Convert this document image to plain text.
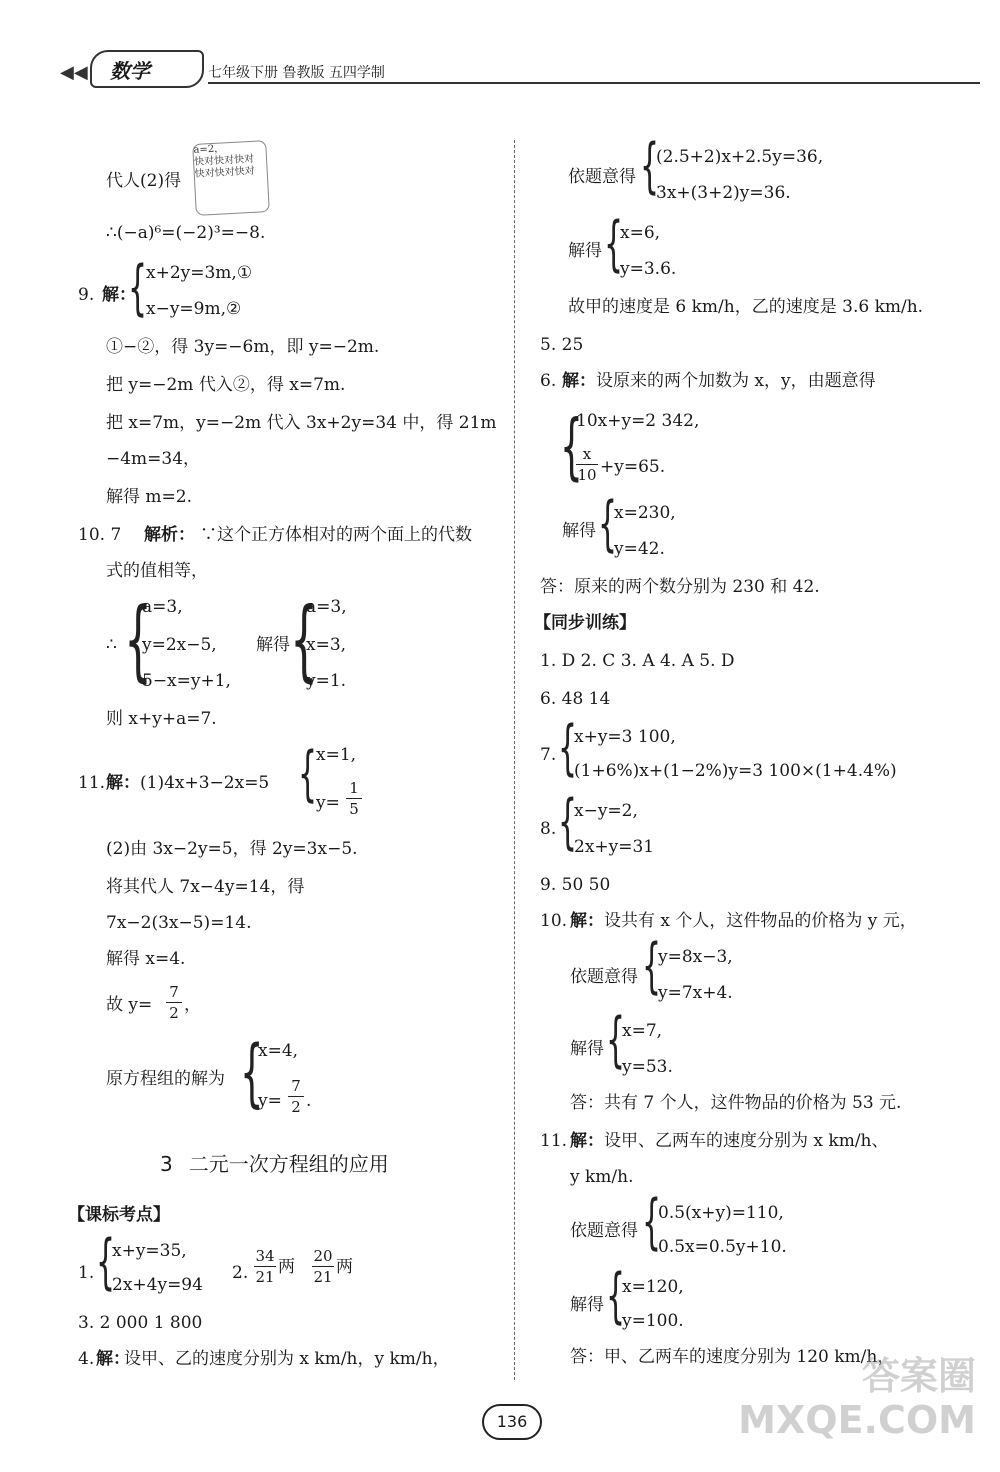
◀◀ 数学	七年级下册 鲁教版 五四学制
代人(2)得
a=2，
快对快对快对
快对快对快对
∴(−a)⁶=(−2)³=−8.
9. 解：
{
x+2y=3m,①
x−y=9m,②
①−②，得 3y=−6m，即 y=−2m.
把 y=−2m 代入②，得 x=7m.
把 x=7m，y=−2m 代入 3x+2y=34 中，得 21m
−4m=34，
解得 m=2.
10. 7 解析： ∵这个正方体相对的两个面上的代数
式的值相等，
∴ {
a=3,
y=2x−5,
5−x=y+1,
解得 {
a=3,
x=3,
y=1.
则 x+y+a=7.
11. 解： (1)4x+3−2x=5 {
x=1,
y=
1
5
(2)由 3x−2y=5，得 2y=3x−5.
将其代人 7x−4y=14，得
7x−2(3x−5)=14.
解得 x=4.
故 y=
7
2 ，
原方程组的解为 {
x=4,
y=
7
2 .
3 二元一次方程组的应用
【课标考点】
1. {
x+y=35,
2x+4y=94
2.
34
21 两
20
21 两
3. 2 000 1 800
4. 解：
设甲、乙的速度分别为 x km/h，y km/h，
依题意得 {
(2.5+2)x+2.5y=36,
3x+(3+2)y=36.
解得 {
x=6,
y=3.6.
故甲的速度是 6 km/h，乙的速度是 3.6 km/h.
5. 25
6. 解： 设原来的两个加数为 x，y，由题意得
{
10x+y=2 342,
x
10 +y=65.
解得 {
x=230,
y=42.
答：原来的两个数分别为 230 和 42.
【同步训练】
1. D 2. C 3. A 4. A 5. D
6. 48 14
7. {
x+y=3 100,
(1+6%)x+(1−2%)y=3 100×(1+4.4%)
8. {
x−y=2,
2x+y=31
9. 50 50
10. 解： 设共有 x 个人，这件物品的价格为 y 元，
依题意得 {
y=8x−3,
y=7x+4.
解得 {
x=7,
y=53.
答：共有 7 个人，这件物品的价格为 53 元.
11. 解： 设甲、乙两车的速度分别为 x km/h、
y km/h.
依题意得 {
0.5(x+y)=110,
0.5x=0.5y+10.
解得 {
x=120,
y=100.
答：甲、乙两车的速度分别为 120 km/h，
136
答案圈
MXQE.COM
